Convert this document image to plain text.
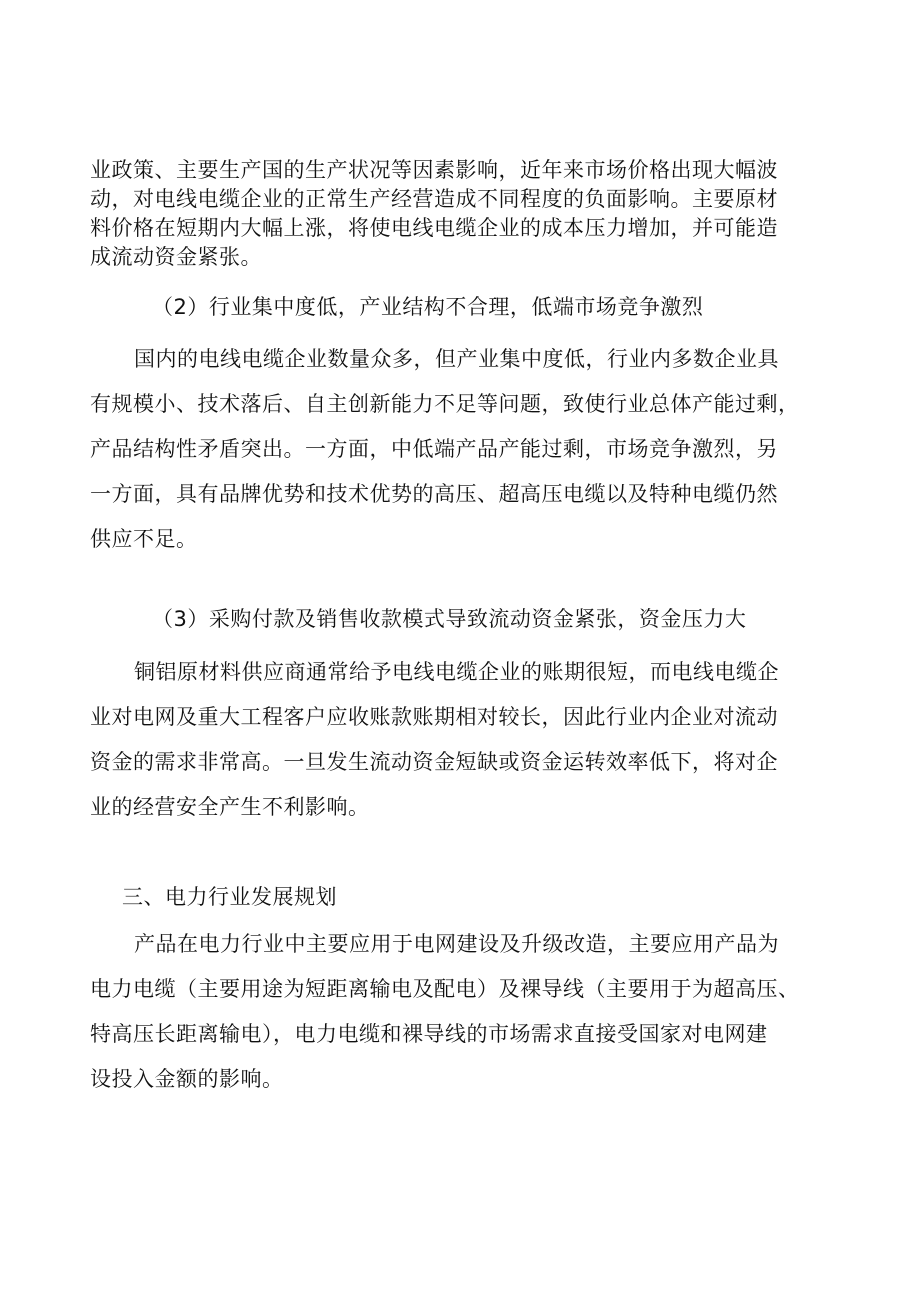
业政策、主要生产国的生产状况等因素影响，近年来市场价格出现大幅波
动，对电线电缆企业的正常生产经营造成不同程度的负面影响。主要原材
料价格在短期内大幅上涨，将使电线电缆企业的成本压力增加，并可能造
成流动资金紧张。
（2）行业集中度低，产业结构不合理，低端市场竞争激烈
国内的电线电缆企业数量众多，但产业集中度低，行业内多数企业具
有规模小、技术落后、自主创新能力不足等问题，致使行业总体产能过剩，
产品结构性矛盾突出。一方面，中低端产品产能过剩，市场竞争激烈，另
一方面，具有品牌优势和技术优势的高压、超高压电缆以及特种电缆仍然
供应不足。
（3）采购付款及销售收款模式导致流动资金紧张，资金压力大
铜铝原材料供应商通常给予电线电缆企业的账期很短，而电线电缆企
业对电网及重大工程客户应收账款账期相对较长，因此行业内企业对流动
资金的需求非常高。一旦发生流动资金短缺或资金运转效率低下，将对企
业的经营安全产生不利影响。
三、电力行业发展规划
产品在电力行业中主要应用于电网建设及升级改造，主要应用产品为
电力电缆（主要用途为短距离输电及配电）及裸导线（主要用于为超高压、
特高压长距离输电），电力电缆和裸导线的市场需求直接受国家对电网建
设投入金额的影响。
